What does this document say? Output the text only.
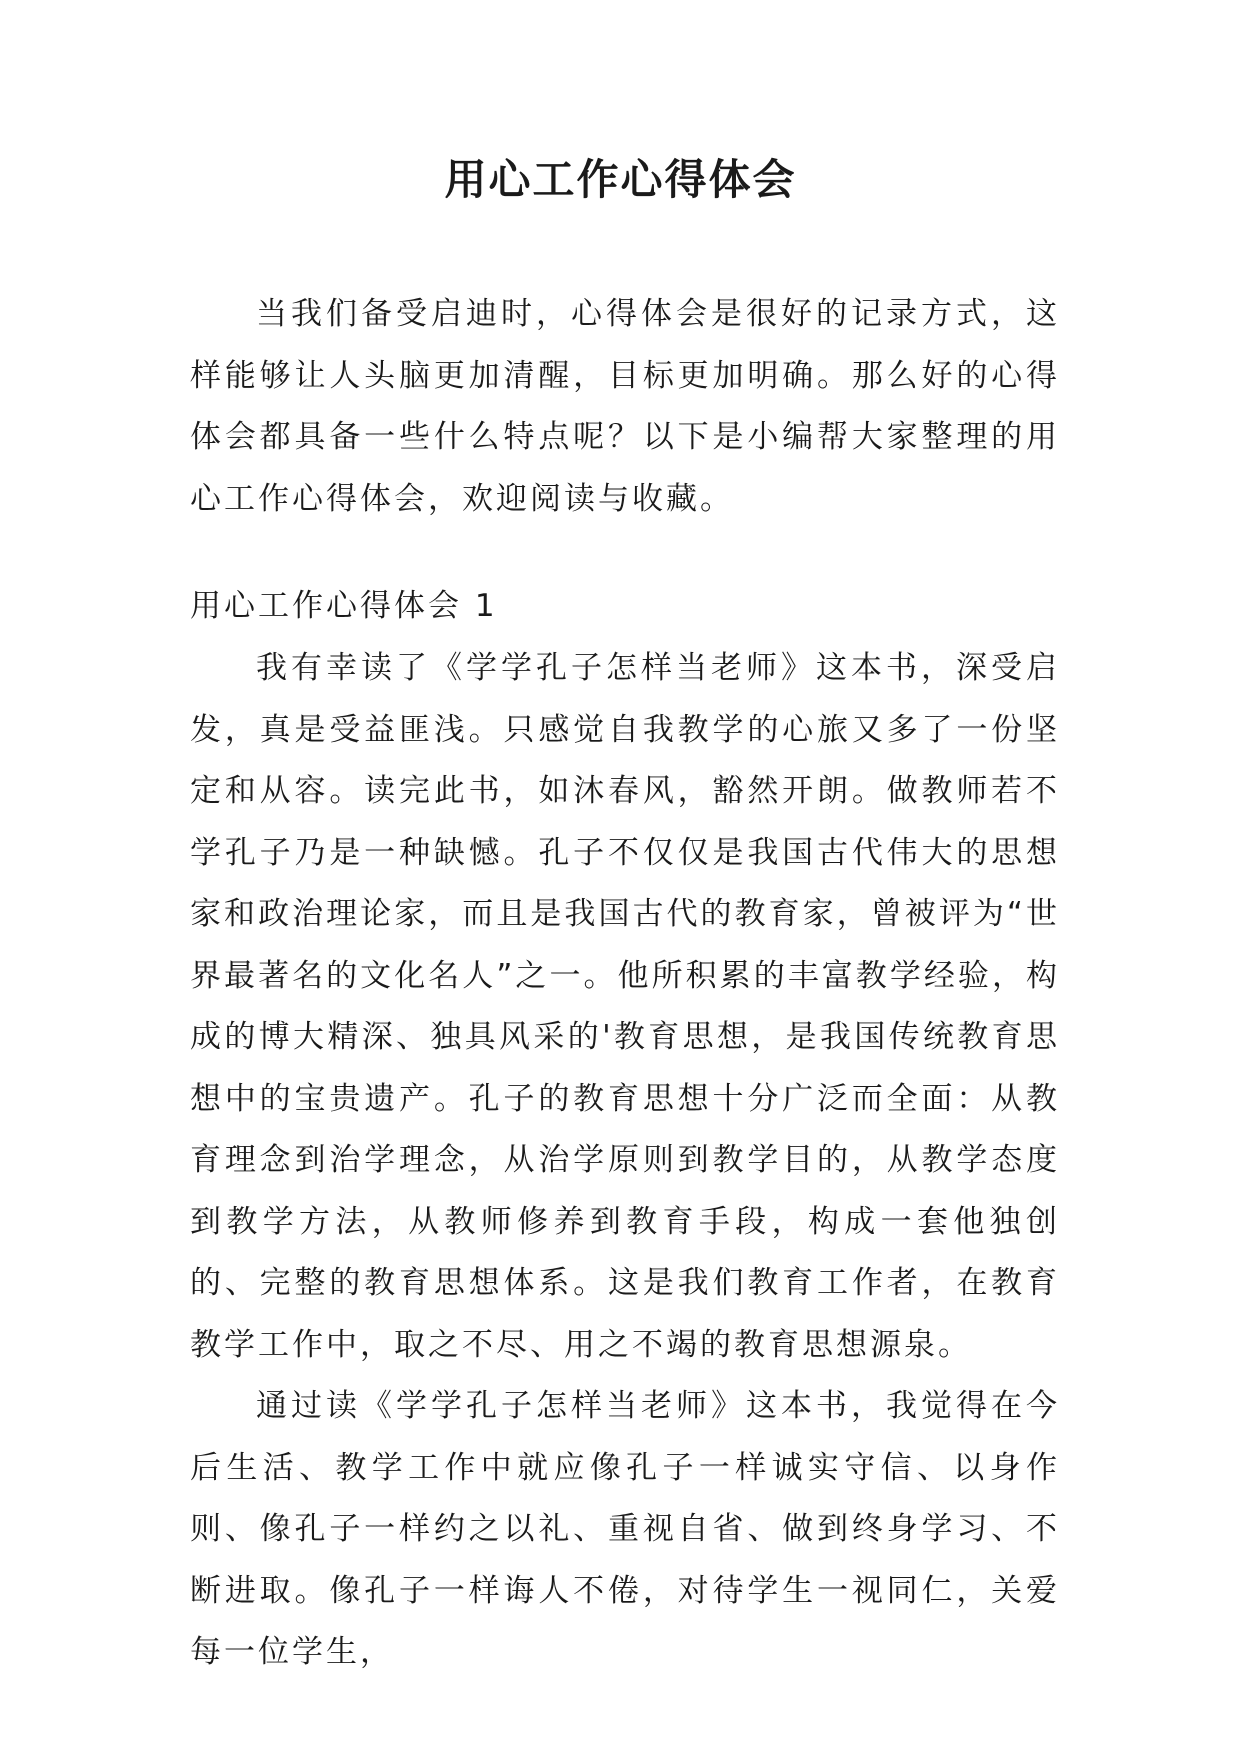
用心工作心得体会

当我们备受启迪时，心得体会是很好的记录方式，这样能够让人头脑更加清醒，目标更加明确。那么好的心得体会都具备一些什么特点呢？以下是小编帮大家整理的用心工作心得体会，欢迎阅读与收藏。

用心工作心得体会 1

我有幸读了《学学孔子怎样当老师》这本书，深受启发，真是受益匪浅。只感觉自我教学的心旅又多了一份坚定和从容。读完此书，如沐春风，豁然开朗。做教师若不学孔子乃是一种缺憾。孔子不仅仅是我国古代伟大的思想家和政治理论家，而且是我国古代的教育家，曾被评为“世界最著名的文化名人”之一。他所积累的丰富教学经验，构成的博大精深、独具风采的'教育思想，是我国传统教育思想中的宝贵遗产。孔子的教育思想十分广泛而全面：从教育理念到治学理念，从治学原则到教学目的，从教学态度到教学方法，从教师修养到教育手段，构成一套他独创的、完整的教育思想体系。这是我们教育工作者，在教育教学工作中，取之不尽、用之不竭的教育思想源泉。

通过读《学学孔子怎样当老师》这本书，我觉得在今后生活、教学工作中就应像孔子一样诚实守信、以身作则、像孔子一样约之以礼、重视自省、做到终身学习、不断进取。像孔子一样诲人不倦，对待学生一视同仁，关爱每一位学生，
